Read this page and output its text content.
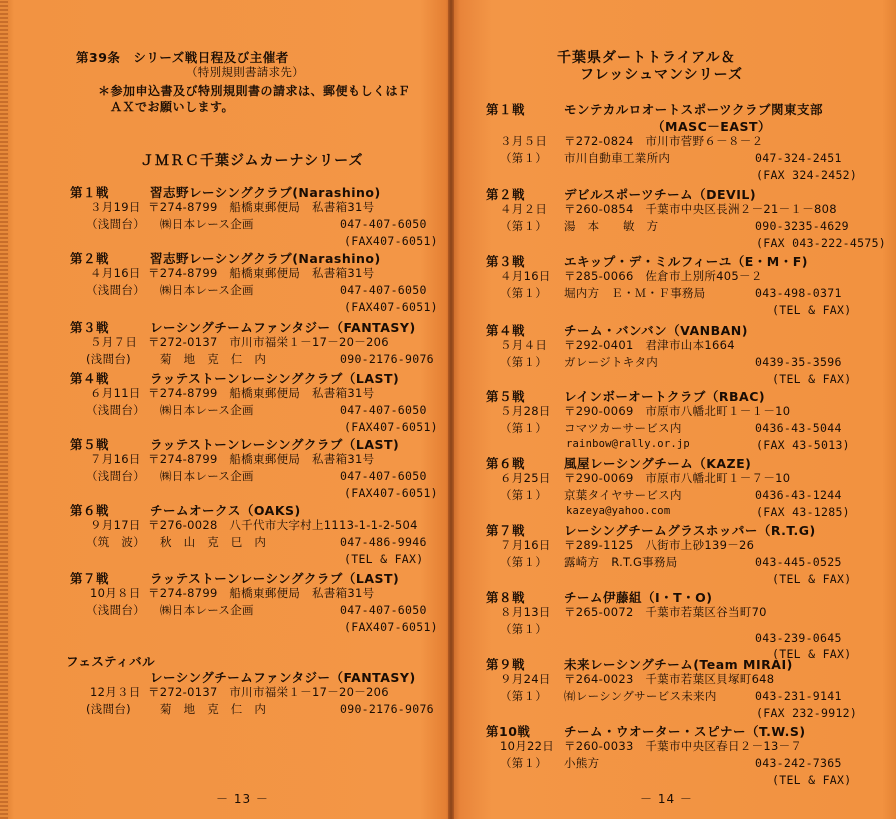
第39条　シリーズ戦日程及び主催者
（特別規則書請求先）
＊参加申込書及び特別規則書の請求は、郵便もしくはＦ
ＡＸでお願いします。
ＪＭＲＣ千葉ジムカーナシリーズ
千葉県ダートトライアル＆
フレッシュマンシリーズ
－ 13 －	－ 14 －
第１戦	習志野レーシングクラブ(Narashino)
３月19日 〒274-8799　船橋東郵便局　私書箱31号
（浅間台） ㈱日本レース企画	047-407-6050
(FAX407-6051)
第２戦	習志野レーシングクラブ(Narashino)
４月16日 〒274-8799　船橋東郵便局　私書箱31号
（浅間台） ㈱日本レース企画	047-407-6050
(FAX407-6051)
第３戦	レーシングチームファンタジー（FANTASY)
５月７日 〒272-0137　市川市福栄１－17－20－206
(浅間台)	菊　地　克　仁　内	090-2176-9076
第４戦	ラッテストーンレーシングクラブ（LAST)
６月11日 〒274-8799　船橋東郵便局　私書箱31号
（浅間台） ㈱日本レース企画	047-407-6050
(FAX407-6051)
第５戦	ラッテストーンレーシングクラブ（LAST)
７月16日 〒274-8799　船橋東郵便局　私書箱31号
（浅間台） ㈱日本レース企画	047-407-6050
(FAX407-6051)
第６戦	チームオークス（OAKS)
９月17日 〒276-0028　八千代市大字村上1113-1-1-2-504
（筑　波） 秋　山　克　巳　内	047-486-9946
(TEL & FAX)
第７戦	ラッテストーンレーシングクラブ（LAST)
10月８日 〒274-8799　船橋東郵便局　私書箱31号
（浅間台） ㈱日本レース企画	047-407-6050
(FAX407-6051)
フェスティバル
レーシングチームファンタジー（FANTASY)
12月３日 〒272-0137　市川市福栄１－17－20－206
(浅間台)	菊　地　克　仁　内	090-2176-9076
第１戦	モンテカルロオートスポーツクラブ関東支部
（MASC－EAST）
３月５日 〒272-0824　市川市菅野６－８－２
（第１） 市川自動車工業所内	047-324-2451
(FAX 324-2452)
第２戦	デビルスポーツチーム（DEVIL)
４月２日 〒260-0854　千葉市中央区長洲２－21－１－808
（第１） 湯　本　　敏　方	090-3235-4629
(FAX 043-222-4575)
第３戦	エキップ・デ・ミルフィーユ（E・M・F)
４月16日 〒285-0066　佐倉市上別所405－２
（第１） 堀内方　Ｅ・Ｍ・Ｆ事務局	043-498-0371
(TEL & FAX)
第４戦	チーム・バンバン（VANBAN)
５月４日 〒292-0401　君津市山本1664
（第１） ガレージトキタ内	0439-35-3596
(TEL & FAX)
第５戦	レインボーオートクラブ（RBAC)
５月28日 〒290-0069　市原市八幡北町１－１－10
（第１） コマツカーサービス内	0436-43-5044
rainbow@rally.or.jp	(FAX 43-5013)
第６戦	風屋レーシングチーム（KAZE)
６月25日 〒290-0069　市原市八幡北町１－７－10
（第１） 京葉タイヤサービス内	0436-43-1244
kazeya@yahoo.com	(FAX 43-1285)
第７戦	レーシングチームグラスホッパー（R.T.G)
７月16日 〒289-1125　八街市上砂139－26
（第１） 露崎方　R.T.G事務局	043-445-0525
(TEL & FAX)
第８戦	チーム伊藤組（I・T・O)
８月13日 〒265-0072　千葉市若葉区谷当町70
（第１）
043-239-0645
(TEL & FAX)
第９戦	未来レーシングチーム(Team MIRAI)
９月24日 〒264-0023　千葉市若葉区貝塚町648
（第１） ㈲レーシングサービス未来内	043-231-9141
(FAX 232-9912)
第10戦	チーム・ウオーター・スピナー（T.W.S)
10月22日 〒260-0033　千葉市中央区春日２－13－７
（第１） 小熊方	043-242-7365
(TEL & FAX)
